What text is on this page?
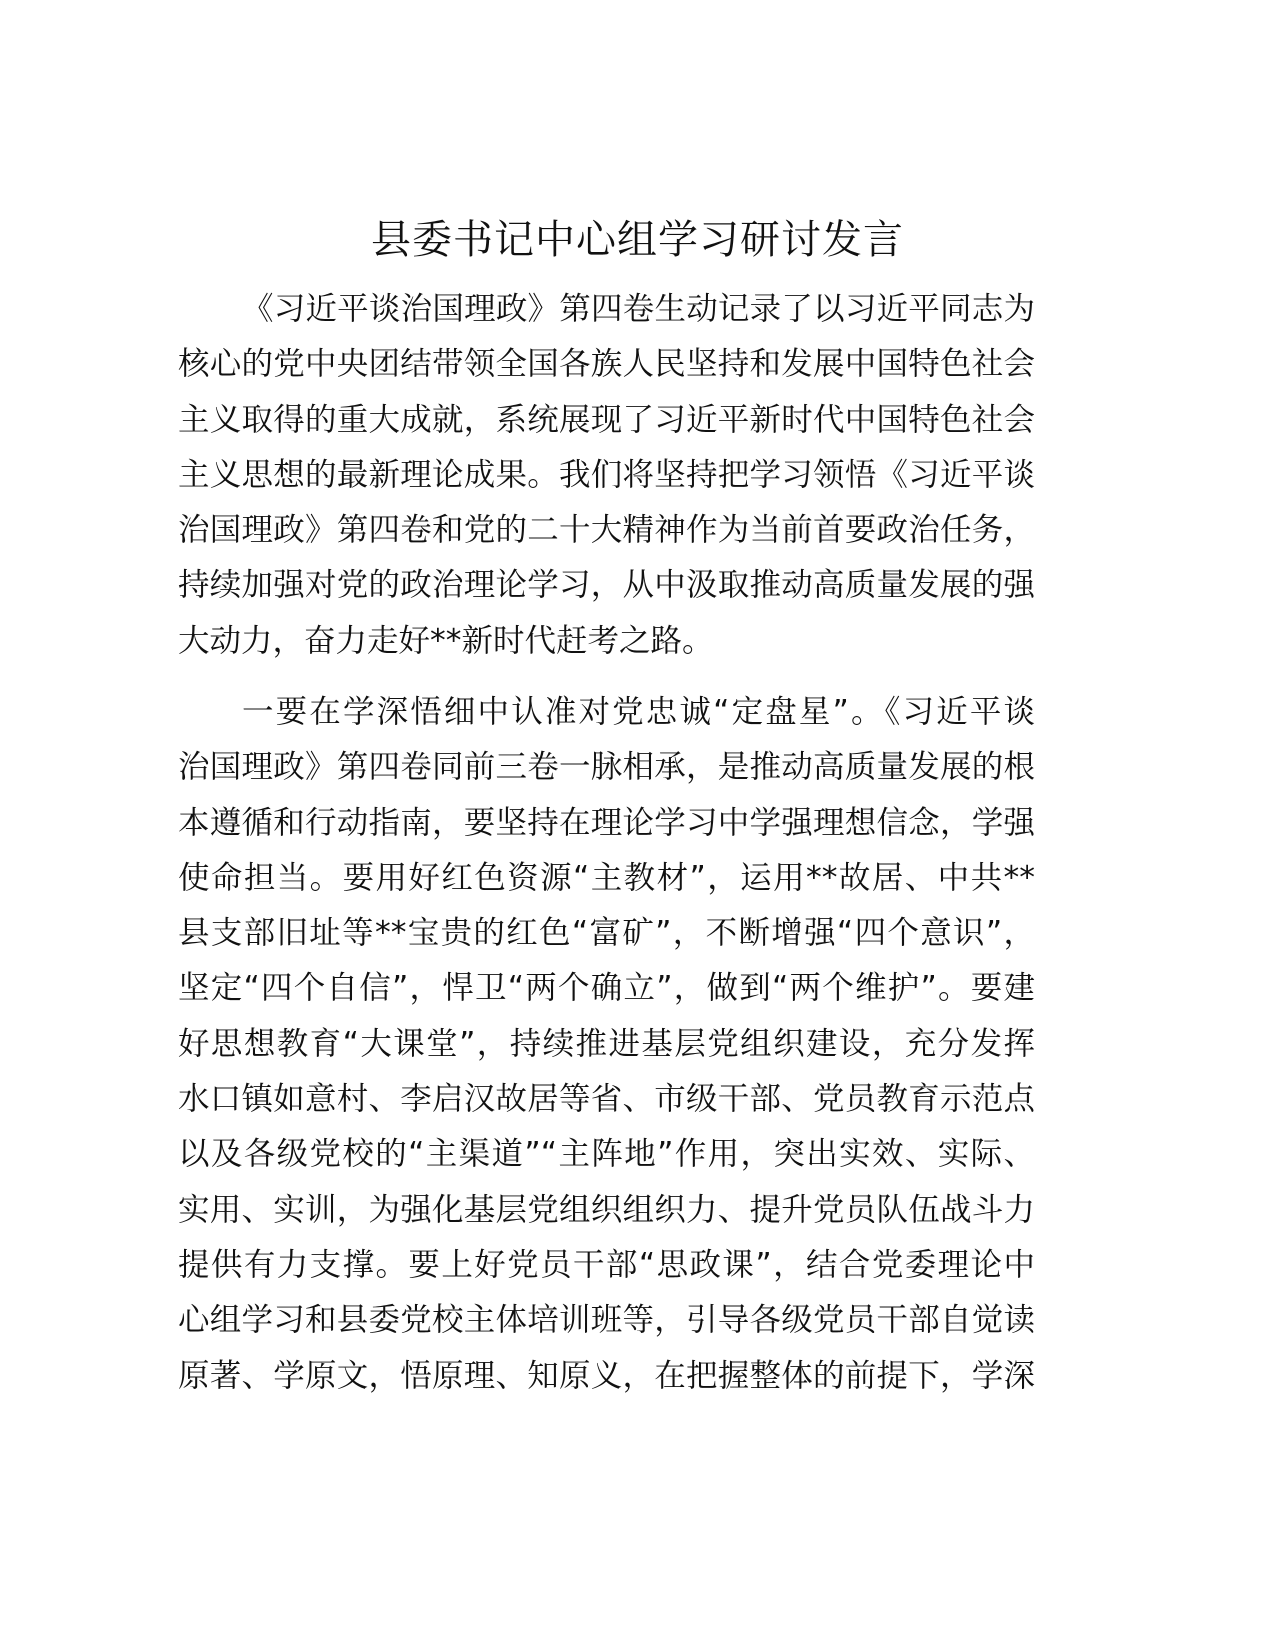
县委书记中心组学习研讨发言
《习近平谈治国理政》第四卷生动记录了以习近平同志为
核心的党中央团结带领全国各族人民坚持和发展中国特色社会
主义取得的重大成就，系统展现了习近平新时代中国特色社会
主义思想的最新理论成果。我们将坚持把学习领悟《习近平谈
治国理政》第四卷和党的二十大精神作为当前首要政治任务，
持续加强对党的政治理论学习，从中汲取推动高质量发展的强
大动力，奋力走好**新时代赶考之路。
一要在学深悟细中认准对党忠诚“定盘星”。《习近平谈
治国理政》第四卷同前三卷一脉相承，是推动高质量发展的根
本遵循和行动指南，要坚持在理论学习中学强理想信念，学强
使命担当。要用好红色资源“主教材”，运用**故居、中共**
县支部旧址等**宝贵的红色“富矿”，不断增强“四个意识”，
坚定“四个自信”，悍卫“两个确立”，做到“两个维护”。要建
好思想教育“大课堂”，持续推进基层党组织建设，充分发挥
水口镇如意村、李启汉故居等省、市级干部、党员教育示范点
以及各级党校的“主渠道”“主阵地”作用，突出实效、实际、
实用、实训，为强化基层党组织组织力、提升党员队伍战斗力
提供有力支撑。要上好党员干部“思政课”，结合党委理论中
心组学习和县委党校主体培训班等，引导各级党员干部自觉读
原著、学原文，悟原理、知原义，在把握整体的前提下，学深
